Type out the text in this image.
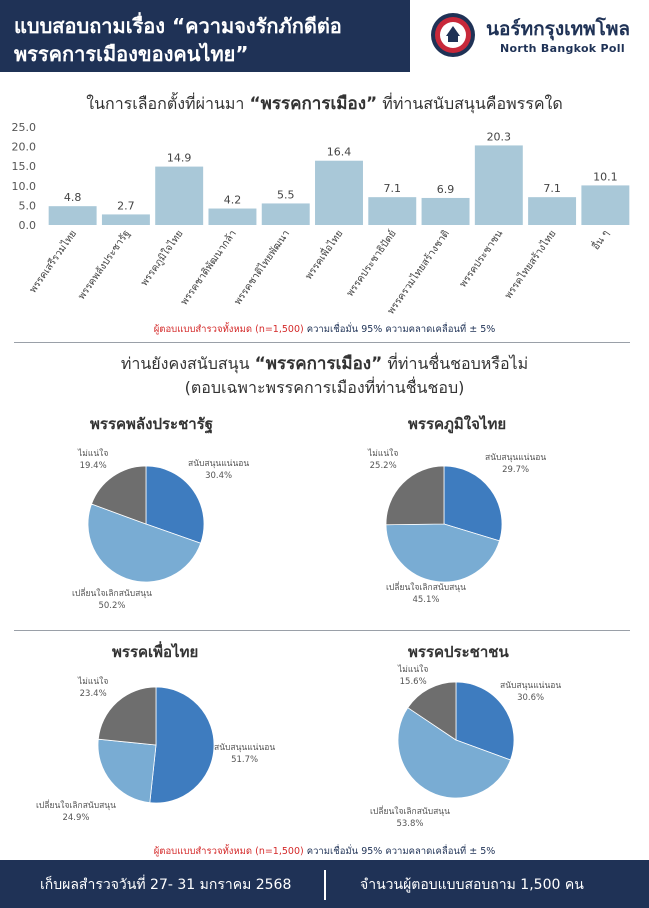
แบบสอบถามเรื่อง “ความจงรักภักดีต่อ
พรรคการเมืองของคนไทย”
นอร์ทกรุงเทพโพล
North Bangkok Poll
ในการเลือกตั้งที่ผ่านมา “พรรคการเมือง” ที่ท่านสนับสนุนคือพรรคใด
0.0
5.0
10.0
15.0
20.0
25.0
4.8
พรรคเสรีรวมไทย
2.7
พรรคพลังประชารัฐ
14.9
พรรคภูมิใจไทย
4.2
พรรคชาติพัฒนากล้า
5.5
พรรคชาติไทยพัฒนา
16.4
พรรคเพื่อไทย
7.1
พรรคประชาธิปัตย์
6.9
พรรครวมไทยสร้างชาติ
20.3
พรรคประชาชน
7.1
พรรคไทยสร้างไทย
10.1
อื่น ๆ
ผู้ตอบแบบสำรวจทั้งหมด (n=1,500) ความเชื่อมั่น 95% ความคลาดเคลื่อนที่ ± 5%
ท่านยังคงสนับสนุน “พรรคการเมือง” ที่ท่านชื่นชอบหรือไม่
(ตอบเฉพาะพรรคการเมืองที่ท่านชื่นชอบ)
พรรคพลังประชารัฐ	พรรคภูมิใจไทย
พรรคเพื่อไทย	พรรคประชาชน
ไม่แน่ใจ
19.4%	สนับสนุนแน่นอน
30.4%
เปลี่ยนใจเลิกสนับสนุน
50.2%
ไม่แน่ใจ
25.2%
สนับสนุนแน่นอน
29.7%
เปลี่ยนใจเลิกสนับสนุน
45.1%
ไม่แน่ใจ
23.4%
สนับสนุนแน่นอน
51.7%
เปลี่ยนใจเลิกสนับสนุน
24.9%
ไม่แน่ใจ
15.6%	สนับสนุนแน่นอน
30.6%
เปลี่ยนใจเลิกสนับสนุน
53.8%
ผู้ตอบแบบสำรวจทั้งหมด (n=1,500) ความเชื่อมั่น 95% ความคลาดเคลื่อนที่ ± 5%
เก็บผลสำรวจวันที่ 27- 31 มกราคม 2568	จำนวนผู้ตอบแบบสอบถาม 1,500 คน
